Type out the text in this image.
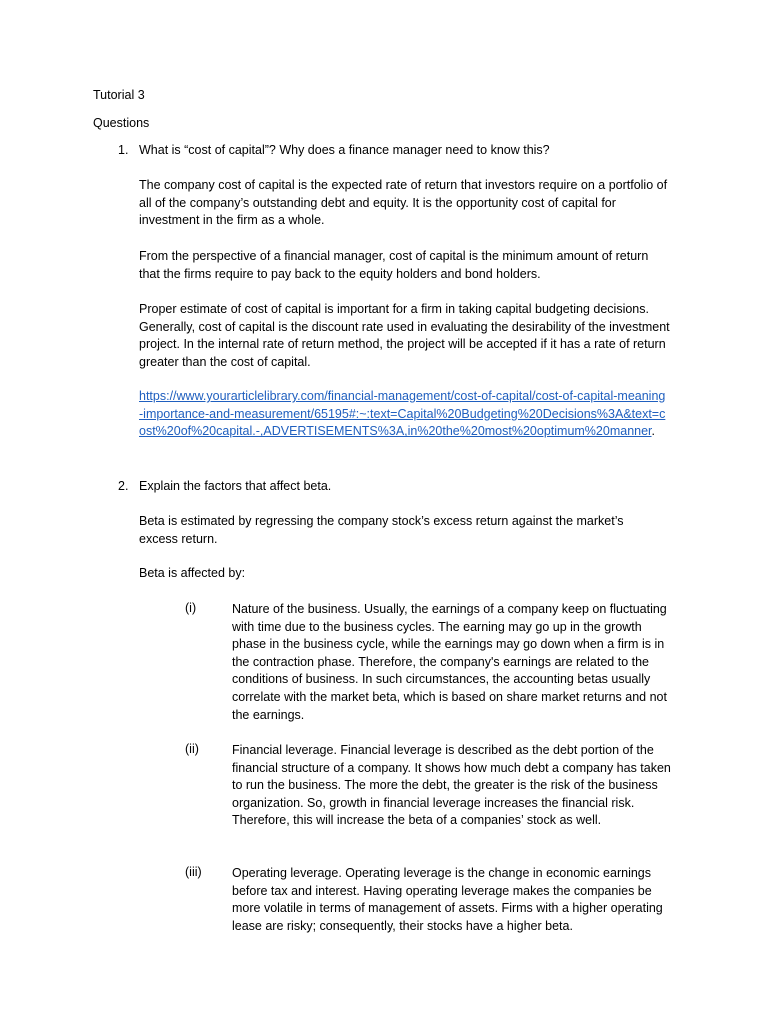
Tutorial 3

Questions

1. What is “cost of capital”? Why does a finance manager need to know this?

The company cost of capital is the expected rate of return that investors require on a portfolio of all of the company’s outstanding debt and equity. It is the opportunity cost of capital for investment in the firm as a whole.

From the perspective of a financial manager, cost of capital is the minimum amount of return that the firms require to pay back to the equity holders and bond holders.

Proper estimate of cost of capital is important for a firm in taking capital budgeting decisions. Generally, cost of capital is the discount rate used in evaluating the desirability of the investment project. In the internal rate of return method, the project will be accepted if it has a rate of return greater than the cost of capital.

https://www.yourarticlelibrary.com/financial-management/cost-of-capital/cost-of-capital-meaning-importance-and-measurement/65195#:~:text=Capital%20Budgeting%20Decisions%3A&text=cost%20of%20capital.-,ADVERTISEMENTS%3A,in%20the%20most%20optimum%20manner.

2. Explain the factors that affect beta.

Beta is estimated by regressing the company stock’s excess return against the market’s excess return.

Beta is affected by:

(i)	Nature of the business. Usually, the earnings of a company keep on fluctuating with time due to the business cycles. The earning may go up in the growth phase in the business cycle, while the earnings may go down when a firm is in the contraction phase. Therefore, the company's earnings are related to the conditions of business. In such circumstances, the accounting betas usually correlate with the market beta, which is based on share market returns and not the earnings.

(ii)	Financial leverage. Financial leverage is described as the debt portion of the financial structure of a company. It shows how much debt a company has taken to run the business. The more the debt, the greater is the risk of the business organization. So, growth in financial leverage increases the financial risk. Therefore, this will increase the beta of a companies’ stock as well.

(iii) Operating leverage. Operating leverage is the change in economic earnings before tax and interest. Having operating leverage makes the companies be more volatile in terms of management of assets. Firms with a higher operating lease are risky; consequently, their stocks have a higher beta.
